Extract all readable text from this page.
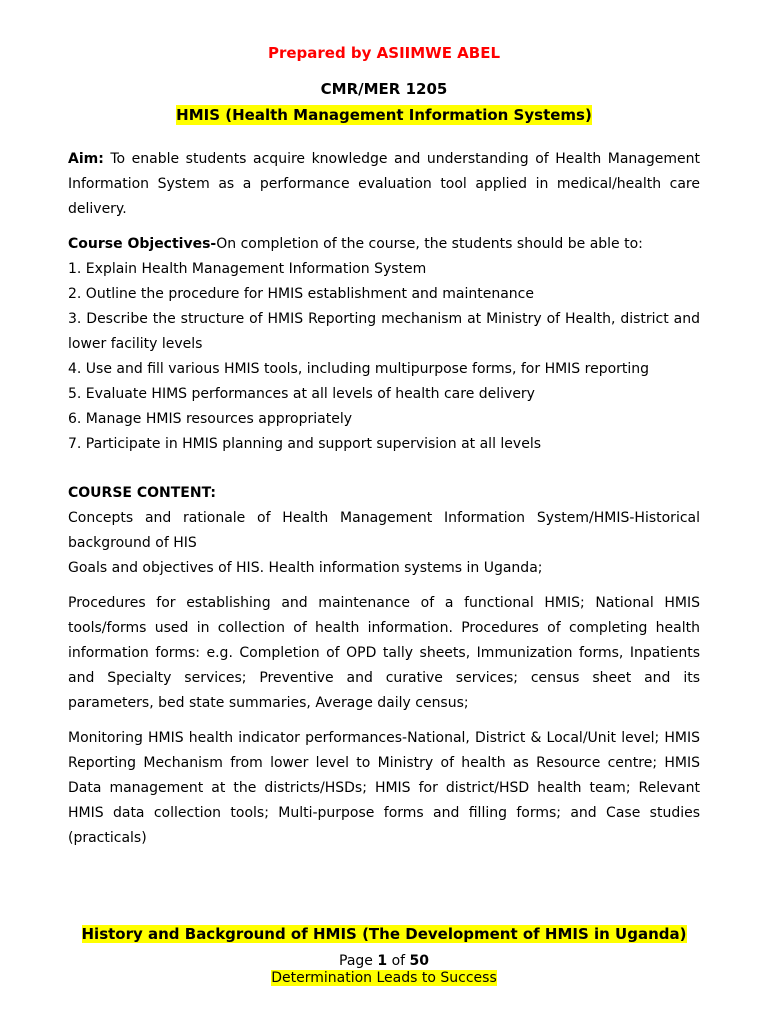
Prepared by ASIIMWE ABEL
CMR/MER 1205
HMIS (Health Management Information Systems)

Aim: To enable students acquire knowledge and understanding of Health Management Information System as a performance evaluation tool applied in medical/health care delivery.

Course Objectives-On completion of the course, the students should be able to:

1. Explain Health Management Information System

2. Outline the procedure for HMIS establishment and maintenance

3. Describe the structure of HMIS Reporting mechanism at Ministry of Health, district and lower facility levels

4. Use and fill various HMIS tools, including multipurpose forms, for HMIS reporting

5. Evaluate HIMS performances at all levels of health care delivery

6. Manage HMIS resources appropriately

7. Participate in HMIS planning and support supervision at all levels

COURSE CONTENT:

Concepts and rationale of Health Management Information System/HMIS-Historical background of HIS

Goals and objectives of HIS. Health information systems in Uganda;

Procedures for establishing and maintenance of a functional HMIS; National HMIS tools/forms used in collection of health information. Procedures of completing health information forms: e.g. Completion of OPD tally sheets, Immunization forms, Inpatients and Specialty services; Preventive and curative services; census sheet and its parameters, bed state summaries, Average daily census;

Monitoring HMIS health indicator performances-National, District & Local/Unit level; HMIS Reporting Mechanism from lower level to Ministry of health as Resource centre; HMIS Data management at the districts/HSDs; HMIS for district/HSD health team; Relevant HMIS data collection tools; Multi-purpose forms and filling forms; and Case studies (practicals)

History and Background of HMIS (The Development of HMIS in Uganda)
Page 1 of 50
Determination Leads to Success
